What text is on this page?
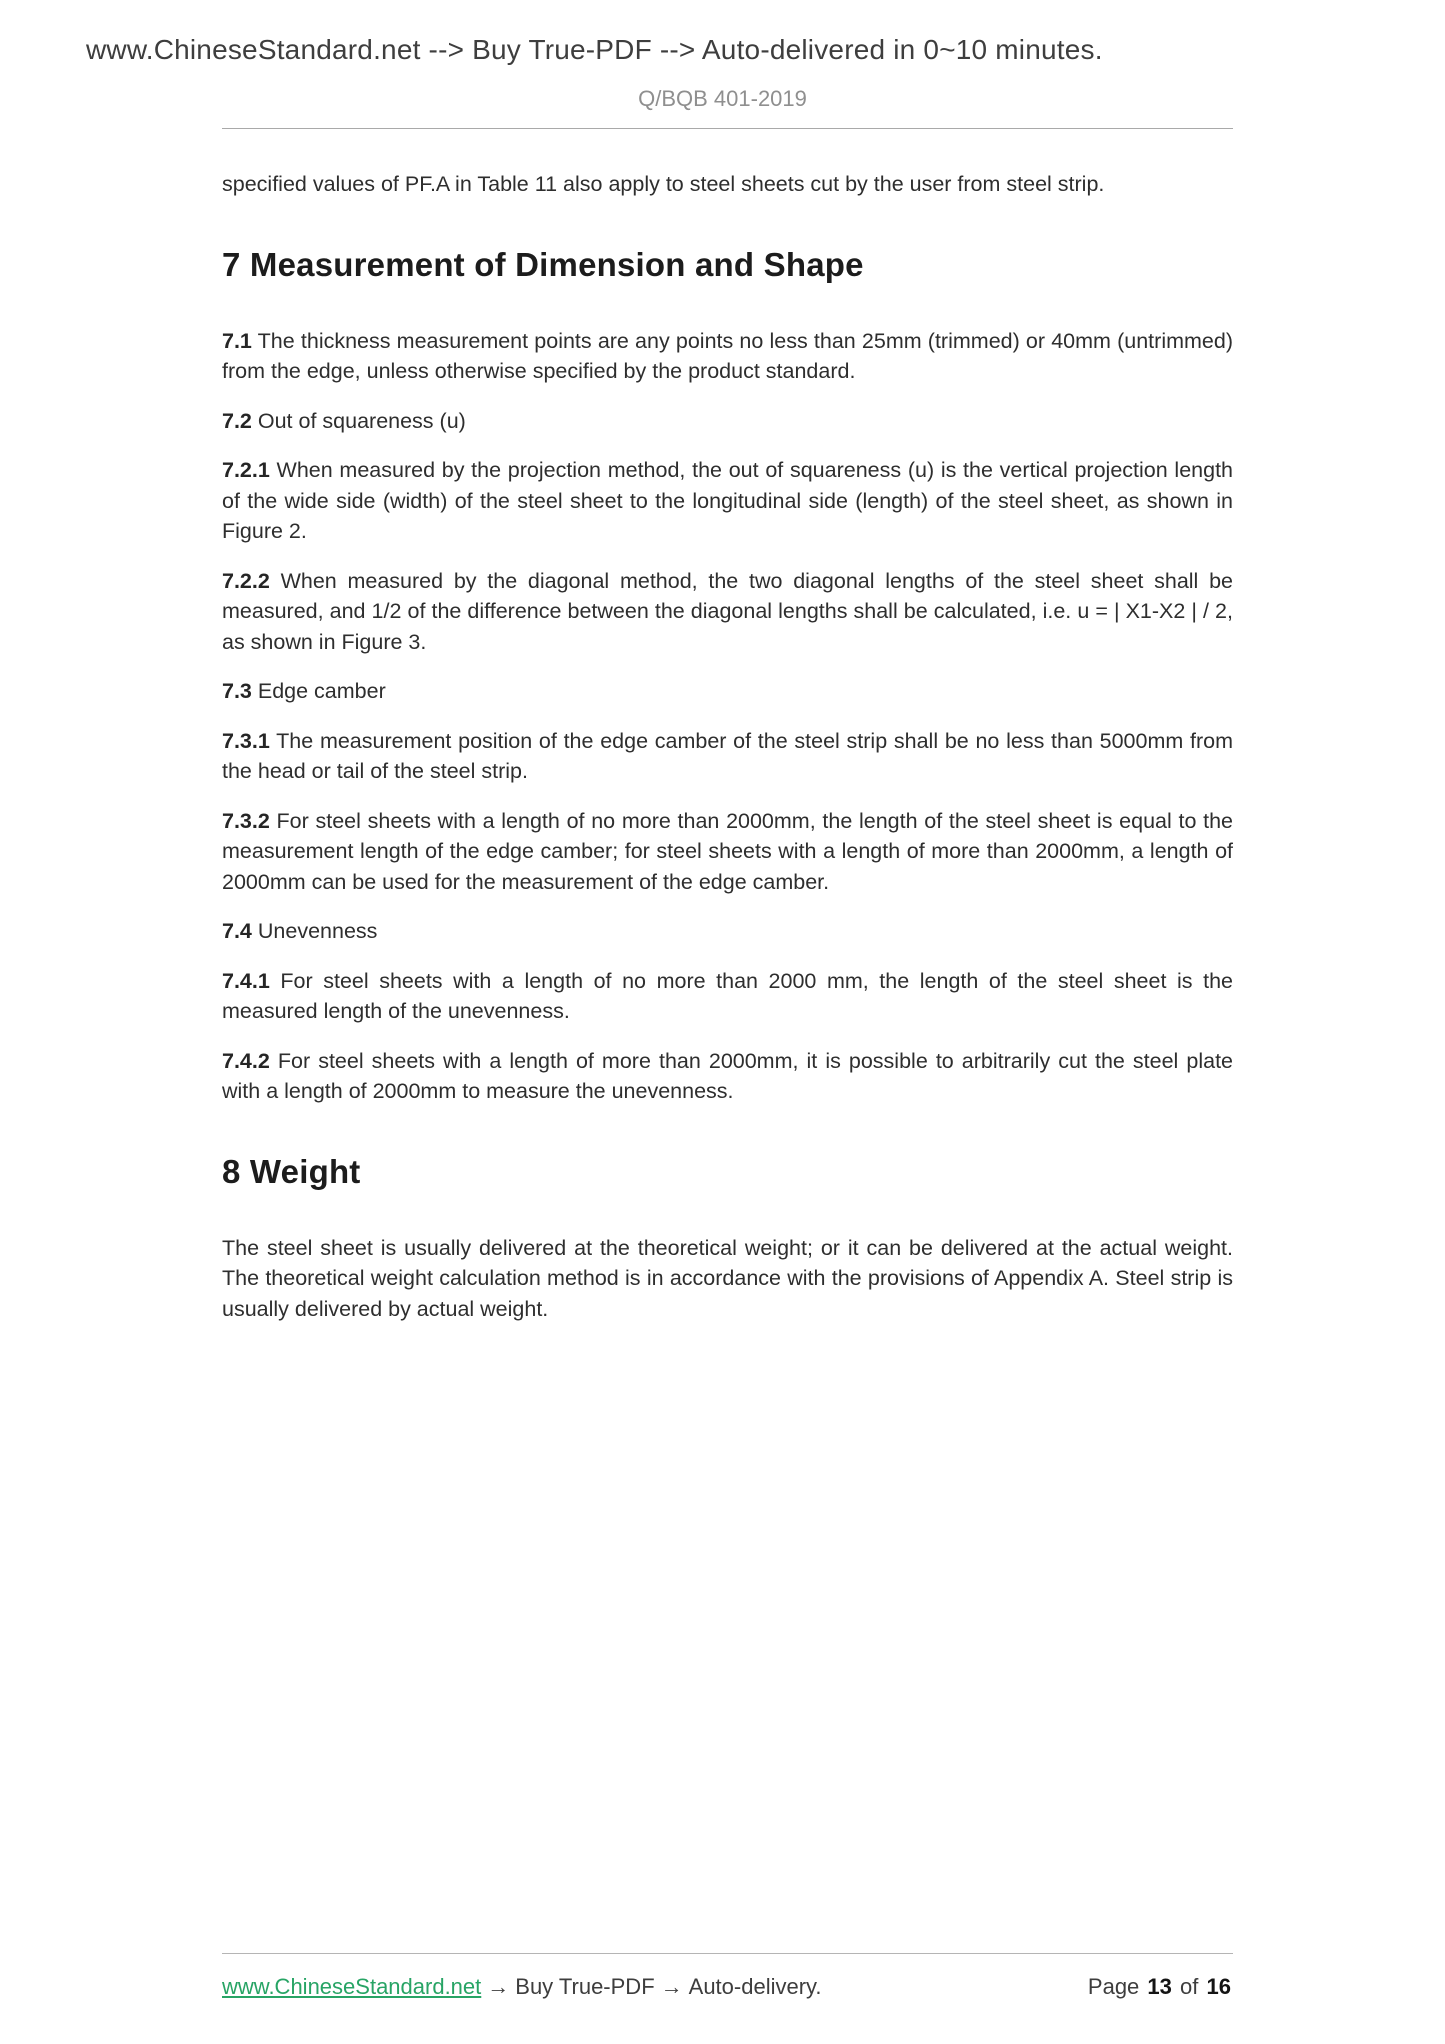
www.ChineseStandard.net --> Buy True-PDF --> Auto-delivered in 0~10 minutes.
Q/BQB 401-2019

specified values of PF.A in Table 11 also apply to steel sheets cut by the user from steel strip.

7 Measurement of Dimension and Shape

7.1 The thickness measurement points are any points no less than 25mm (trimmed) or 40mm (untrimmed) from the edge, unless otherwise specified by the product standard.

7.2 Out of squareness (u)

7.2.1 When measured by the projection method, the out of squareness (u) is the vertical projection length of the wide side (width) of the steel sheet to the longitudinal side (length) of the steel sheet, as shown in Figure 2.

7.2.2 When measured by the diagonal method, the two diagonal lengths of the steel sheet shall be measured, and 1/2 of the difference between the diagonal lengths shall be calculated, i.e. u = | X1-X2 | / 2, as shown in Figure 3.

7.3 Edge camber

7.3.1 The measurement position of the edge camber of the steel strip shall be no less than 5000mm from the head or tail of the steel strip.

7.3.2 For steel sheets with a length of no more than 2000mm, the length of the steel sheet is equal to the measurement length of the edge camber; for steel sheets with a length of more than 2000mm, a length of 2000mm can be used for the measurement of the edge camber.

7.4 Unevenness

7.4.1 For steel sheets with a length of no more than 2000 mm, the length of the steel sheet is the measured length of the unevenness.

7.4.2 For steel sheets with a length of more than 2000mm, it is possible to arbitrarily cut the steel plate with a length of 2000mm to measure the unevenness.

8 Weight

The steel sheet is usually delivered at the theoretical weight; or it can be delivered at the actual weight. The theoretical weight calculation method is in accordance with the provisions of Appendix A. Steel strip is usually delivered by actual weight.

www.ChineseStandard.net → Buy True-PDF → Auto-delivery.	Page 13 of 16
